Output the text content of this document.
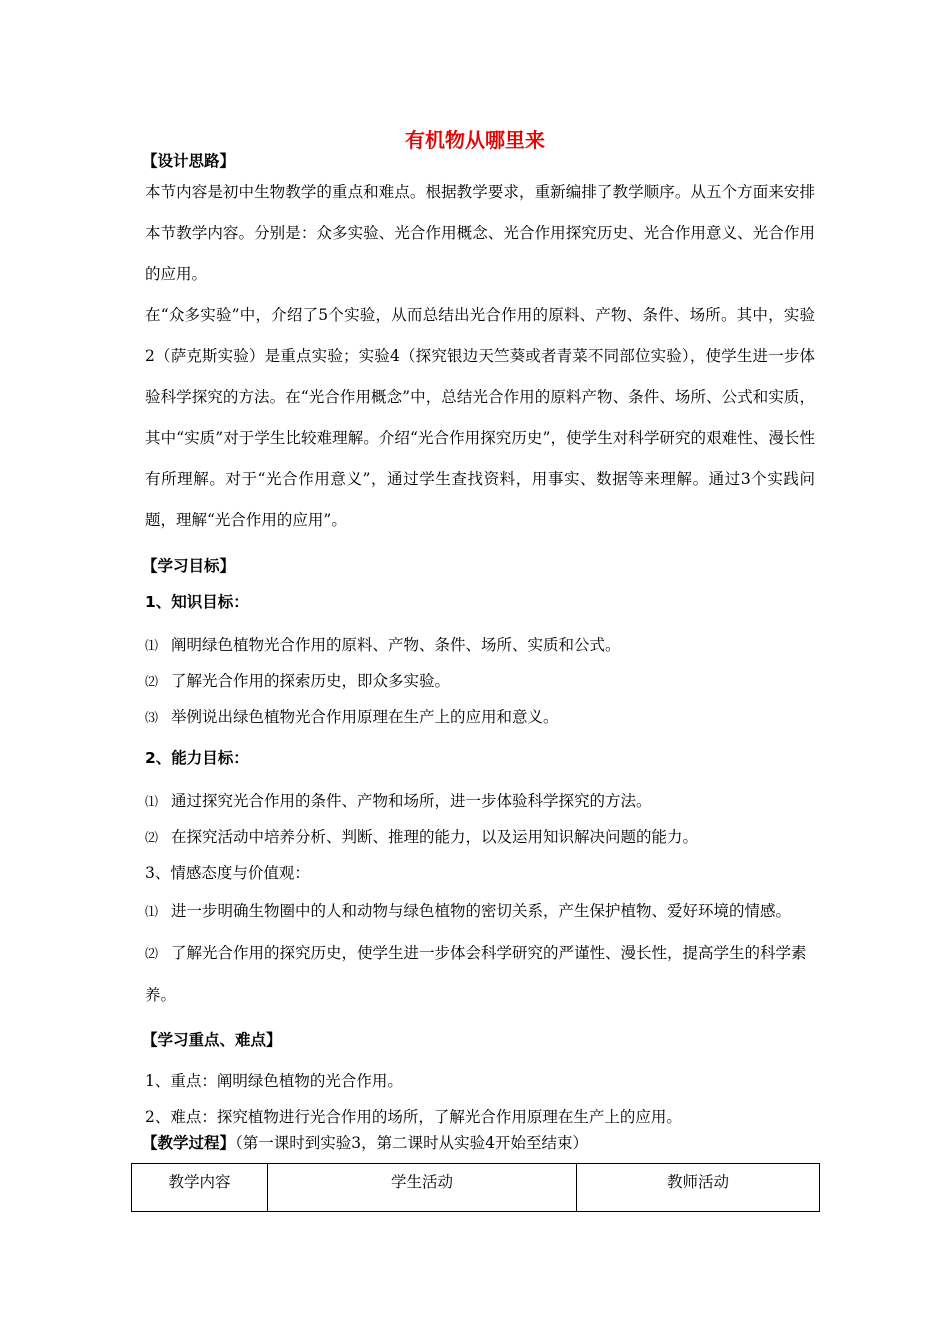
有机物从哪里来
【设计思路】

本节内容是初中生物教学的重点和难点。根据教学要求，重新编排了教学顺序。从五个方面来安排本节教学内容。分别是：众多实验、光合作用概念、光合作用探究历史、光合作用意义、光合作用的应用。

在“众多实验”中，介绍了5个实验，从而总结出光合作用的原料、产物、条件、场所。其中，实验2（萨克斯实验）是重点实验；实验4（探究银边天竺葵或者青菜不同部位实验），使学生进一步体验科学探究的方法。在“光合作用概念”中，总结光合作用的原料产物、条件、场所、公式和实质，其中“实质”对于学生比较难理解。介绍“光合作用探究历史”，使学生对科学研究的艰难性、漫长性有所理解。对于“光合作用意义”，通过学生查找资料，用事实、数据等来理解。通过3个实践问题，理解“光合作用的应用”。

【学习目标】
1、知识目标：
⑴ 阐明绿色植物光合作用的原料、产物、条件、场所、实质和公式。
⑵ 了解光合作用的探索历史，即众多实验。
⑶ 举例说出绿色植物光合作用原理在生产上的应用和意义。
2、能力目标：
⑴ 通过探究光合作用的条件、产物和场所，进一步体验科学探究的方法。
⑵ 在探究活动中培养分析、判断、推理的能力，以及运用知识解决问题的能力。
3、情感态度与价值观：
⑴ 进一步明确生物圈中的人和动物与绿色植物的密切关系，产生保护植物、爱好环境的情感。
⑵ 了解光合作用的探究历史，使学生进一步体会科学研究的严谨性、漫长性，提高学生的科学素养。
【学习重点、难点】
1、重点：阐明绿色植物的光合作用。
2、难点：探究植物进行光合作用的场所，了解光合作用原理在生产上的应用。
【教学过程】（第一课时到实验3，第二课时从实验4开始至结束）
教学内容	学生活动	教师活动
